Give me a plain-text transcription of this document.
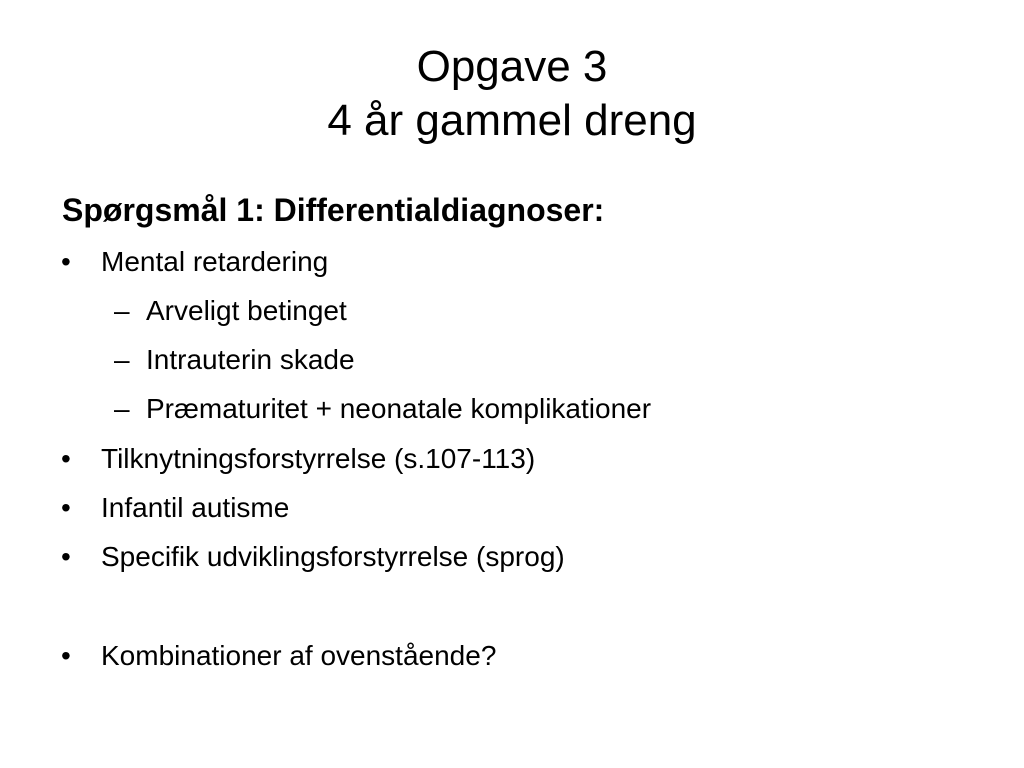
Opgave 3
4 år gammel dreng
Spørgsmål 1: Differentialdiagnoser:
• Mental retardering
– Arveligt betinget
– Intrauterin skade
– Præmaturitet + neonatale komplikationer
• Tilknytningsforstyrrelse (s.107-113)
• Infantil autisme
• Specifik udviklingsforstyrrelse (sprog)
• Kombinationer af ovenstående?
